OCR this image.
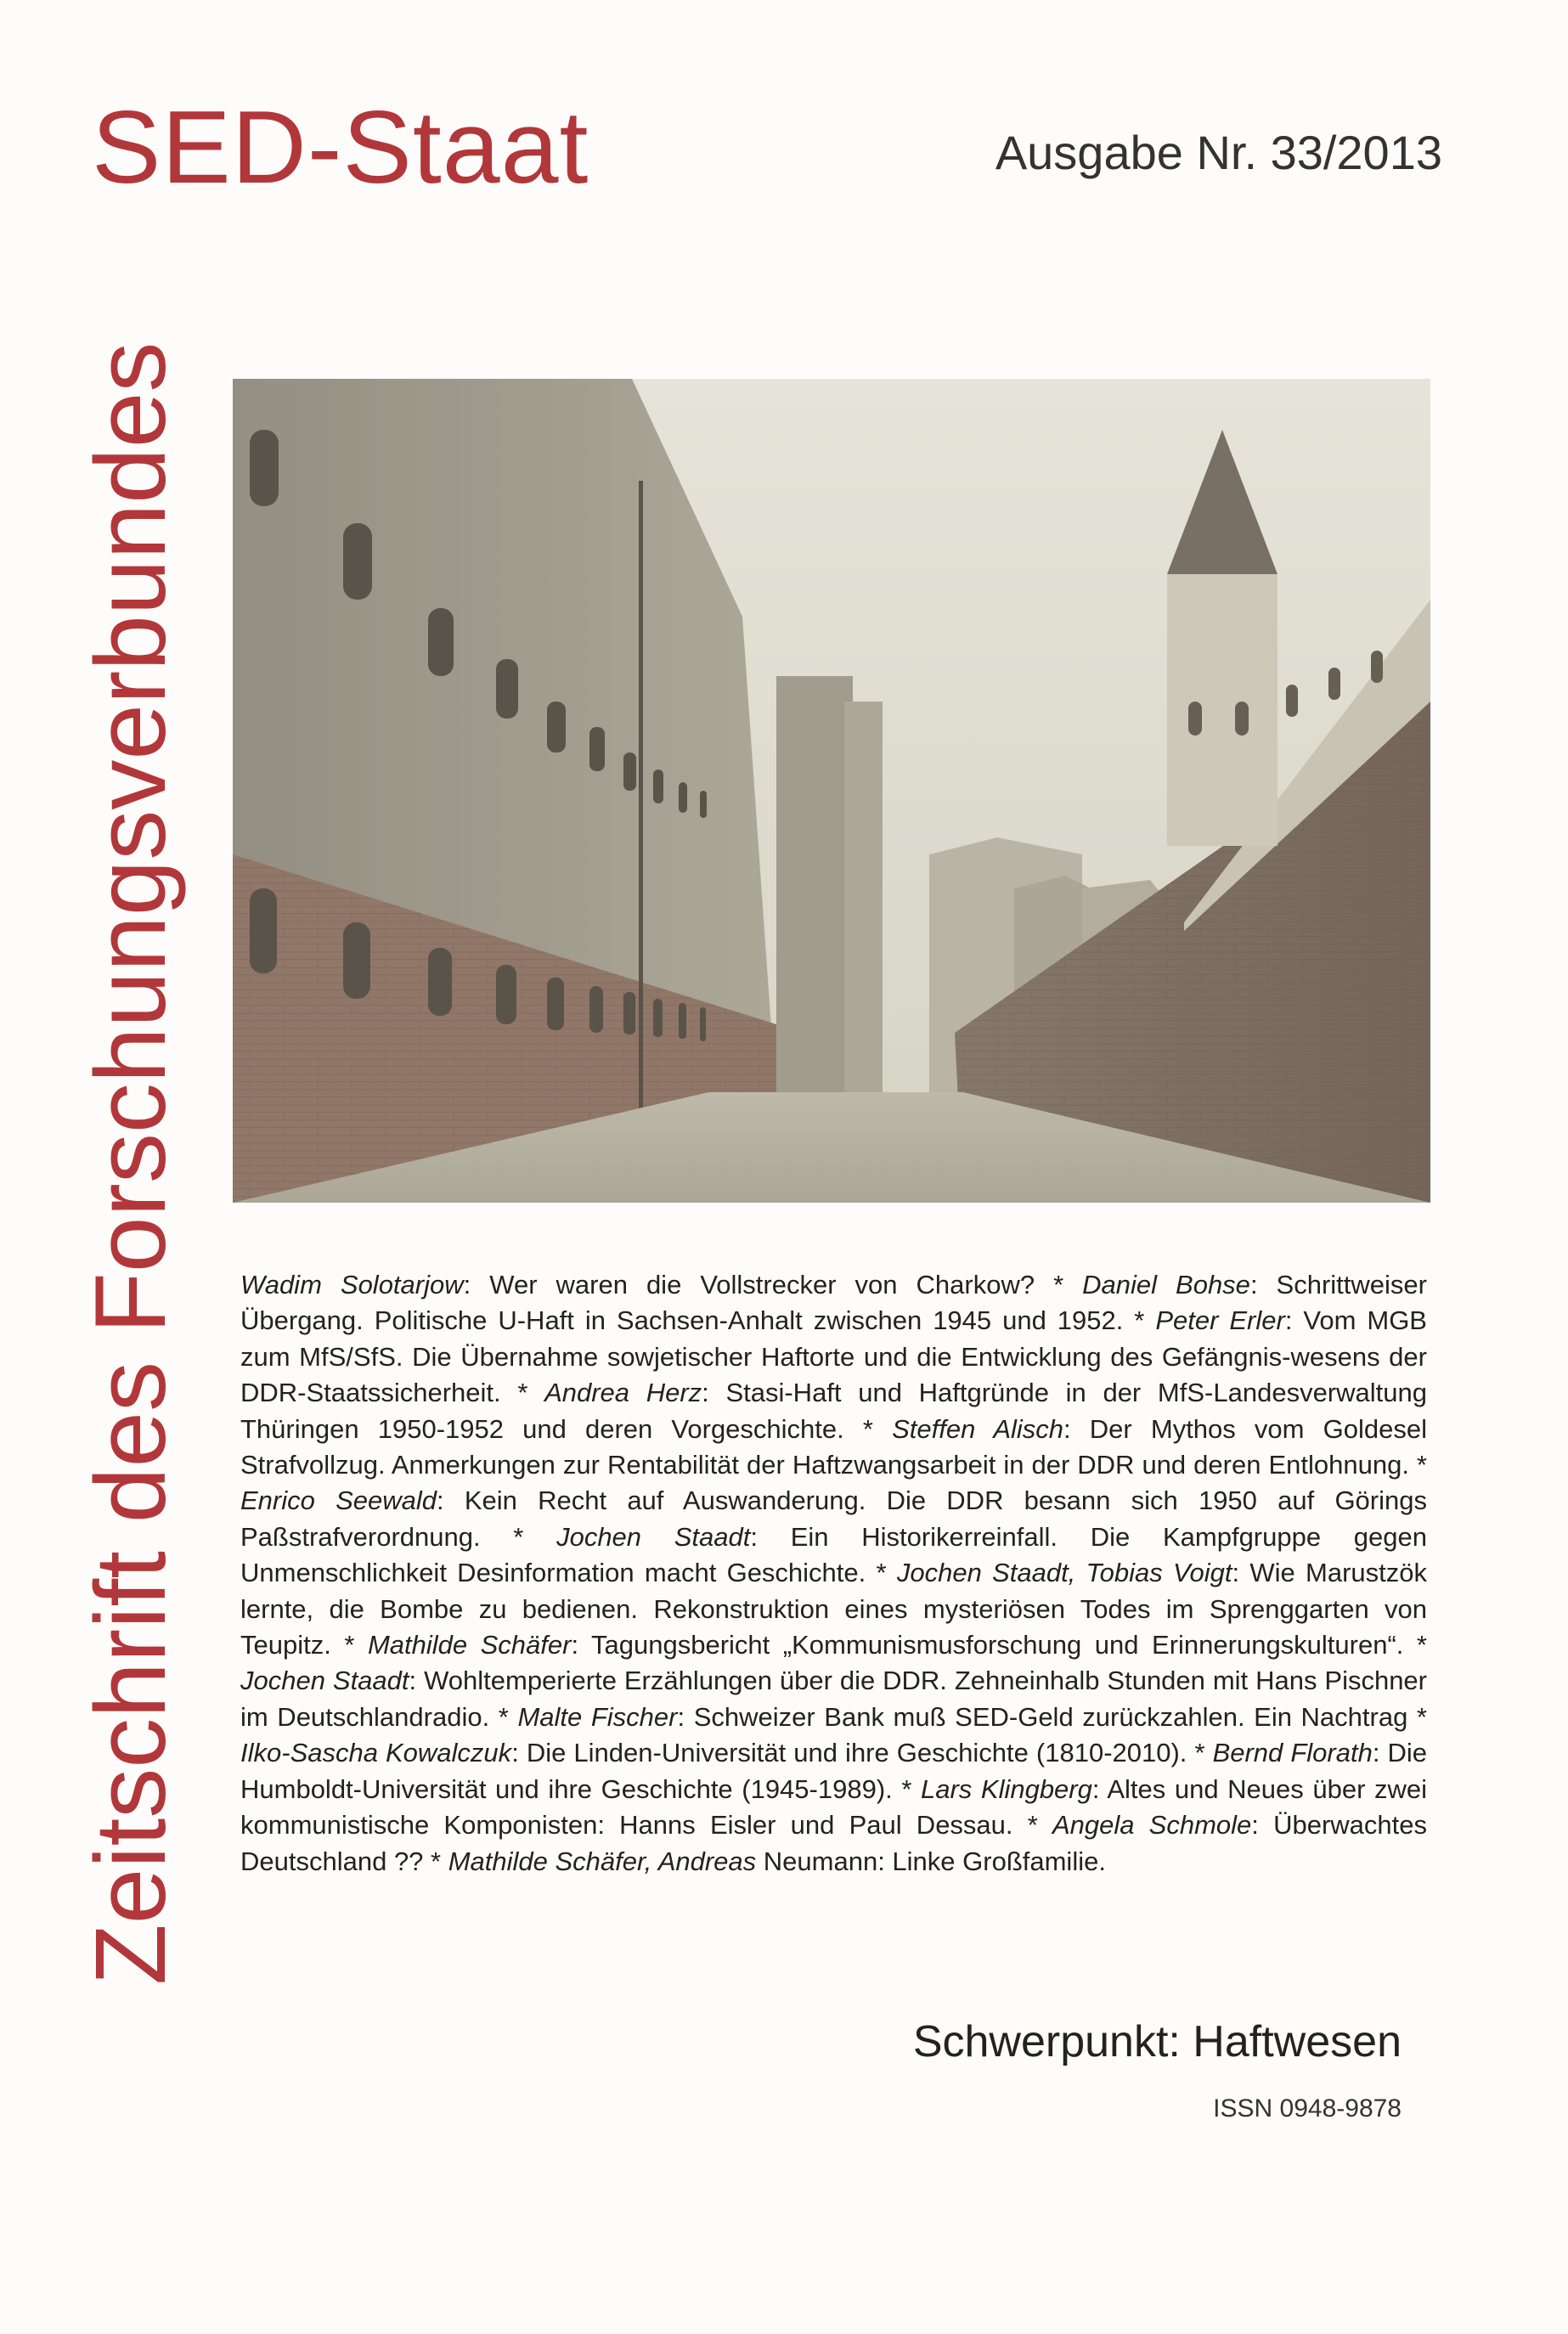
SED-Staat	Ausgabe Nr. 33/2013
Zeitschrift des Forschungsverbundes Wadim Solotarjow: Wer waren die Vollstrecker von Charkow? * Daniel Bohse: Schrittweiser Übergang. Politische U-Haft in Sachsen-Anhalt zwischen 1945 und 1952. * Peter Erler: Vom MGB zum MfS/SfS. Die Übernahme sowjetischer Haftorte und die Entwicklung des Gefängnis-wesens der DDR-Staatssicherheit. * Andrea Herz: Stasi-Haft und Haftgründe in der MfS-Landesverwaltung Thüringen 1950-1952 und deren Vorgeschichte. * Steffen Alisch: Der Mythos vom Goldesel Strafvollzug. Anmerkungen zur Rentabilität der Haftzwangsarbeit in der DDR und deren Entlohnung. * Enrico Seewald: Kein Recht auf Auswanderung. Die DDR besann sich 1950 auf Görings Paßstrafverordnung. * Jochen Staadt: Ein Historikerreinfall. Die Kampfgruppe gegen Unmenschlichkeit Desinformation macht Geschichte. * Jochen Staadt, Tobias Voigt: Wie Marustzök lernte, die Bombe zu bedienen. Rekonstruktion eines mysteriösen Todes im Sprenggarten von Teupitz. * Mathilde Schäfer: Tagungsbericht „Kommunismusforschung und Erinnerungskulturen“. * Jochen Staadt: Wohltemperierte Erzählungen über die DDR. Zehneinhalb Stunden mit Hans Pischner im Deutschlandradio. * Malte Fischer: Schweizer Bank muß SED-Geld zurückzahlen. Ein Nachtrag * Ilko-Sascha Kowalczuk: Die Linden-Universität und ihre Geschichte (1810-2010). * Bernd Florath: Die Humboldt-Universität und ihre Geschichte (1945-1989). * Lars Klingberg: Altes und Neues über zwei kommunistische Komponisten: Hanns Eisler und Paul Dessau. * Angela Schmole: Überwachtes Deutschland ?? * Mathilde Schäfer, Andreas Neumann: Linke Großfamilie.
Schwerpunkt: Haftwesen
ISSN 0948-9878
